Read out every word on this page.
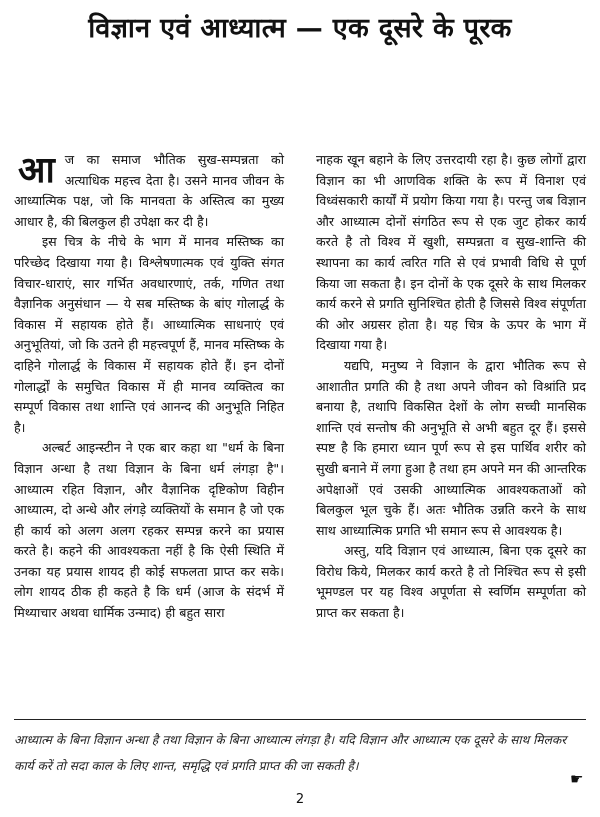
विज्ञान एवं आध्यात्म — एक दूसरे के पूरक

आज का समाज भौतिक सुख-सम्पन्नता को अत्याधिक महत्त्व देता है। उसने मानव जीवन के आध्यात्मिक पक्ष, जो कि मानवता के अस्तित्व का मुख्य आधार है, की बिलकुल ही उपेक्षा कर दी है।

इस चित्र के नीचे के भाग में मानव मस्तिष्क का परिच्छेद दिखाया गया है। विश्लेषणात्मक एवं युक्ति संगत विचार-धाराएं, सार गर्भित अवधारणाएं, तर्क, गणित तथा वैज्ञानिक अनुसंधान — ये सब मस्तिष्क के बांए गोलार्द्ध के विकास में सहायक होते हैं। आध्यात्मिक साधनाएं एवं अनुभूतियां, जो कि उतने ही महत्त्वपूर्ण हैं, मानव मस्तिष्क के दाहिने गोलार्द्ध के विकास में सहायक होते हैं। इन दोनों गोलार्द्धों के समुचित विकास में ही मानव व्यक्तित्व का सम्पूर्ण विकास तथा शान्ति एवं आनन्द की अनुभूति निहित है।

अल्बर्ट आइन्स्टीन ने एक बार कहा था "धर्म के बिना विज्ञान अन्धा है तथा विज्ञान के बिना धर्म लंगड़ा है"। आध्यात्म रहित विज्ञान, और वैज्ञानिक दृष्टिकोण विहीन आध्यात्म, दो अन्धे और लंगड़े व्यक्तियों के समान है जो एक ही कार्य को अलग अलग रहकर सम्पन्न करने का प्रयास करते है। कहने की आवश्यकता नहीं है कि ऐसी स्थिति में उनका यह प्रयास शायद ही कोई सफलता प्राप्त कर सके। लोग शायद ठीक ही कहते है कि धर्म (आज के संदर्भ में मिथ्याचार अथवा धार्मिक उन्माद) ही बहुत सारा

नाहक खून बहाने के लिए उत्तरदायी रहा है। कुछ लोगों द्वारा विज्ञान का भी आणविक शक्ति के रूप में विनाश एवं विध्वंसकारी कार्यों में प्रयोग किया गया है। परन्तु जब विज्ञान और आध्यात्म दोनों संगठित रूप से एक जुट होकर कार्य करते है तो विश्व में खुशी, सम्पन्नता व सुख-शान्ति की स्थापना का कार्य त्वरित गति से एवं प्रभावी विधि से पूर्ण किया जा सकता है। इन दोनों के एक दूसरे के साथ मिलकर कार्य करने से प्रगति सुनिश्चित होती है जिससे विश्व संपूर्णता की ओर अग्रसर होता है। यह चित्र के ऊपर के भाग में दिखाया गया है।

यद्यपि, मनुष्य ने विज्ञान के द्वारा भौतिक रूप से आशातीत प्रगति की है तथा अपने जीवन को विश्रांति प्रद बनाया है, तथापि विकसित देशों के लोग सच्ची मानसिक शान्ति एवं सन्तोष की अनुभूति से अभी बहुत दूर हैं। इससे स्पष्ट है कि हमारा ध्यान पूर्ण रूप से इस पार्थिव शरीर को सुखी बनाने में लगा हुआ है तथा हम अपने मन की आन्तरिक अपेक्षाओं एवं उसकी आध्यात्मिक आवश्यकताओं को बिलकुल भूल चुके हैं। अतः भौतिक उन्नति करने के साथ साथ आध्यात्मिक प्रगति भी समान रूप से आवश्यक है।

अस्तु, यदि विज्ञान एवं आध्यात्म, बिना एक दूसरे का विरोध किये, मिलकर कार्य करते है तो निश्चित रूप से इसी भूमण्डल पर यह विश्व अपूर्णता से स्वर्णिम सम्पूर्णता को प्राप्त कर सकता है।

आध्यात्म के बिना विज्ञान अन्धा है तथा विज्ञान के बिना आध्यात्म लंगड़ा है। यदि विज्ञान और आध्यात्म एक दूसरे के साथ मिलकर कार्य करें तो सदा काल के लिए शान्त, समृद्धि एवं प्रगति प्राप्त की जा सकती है।
☛
2
